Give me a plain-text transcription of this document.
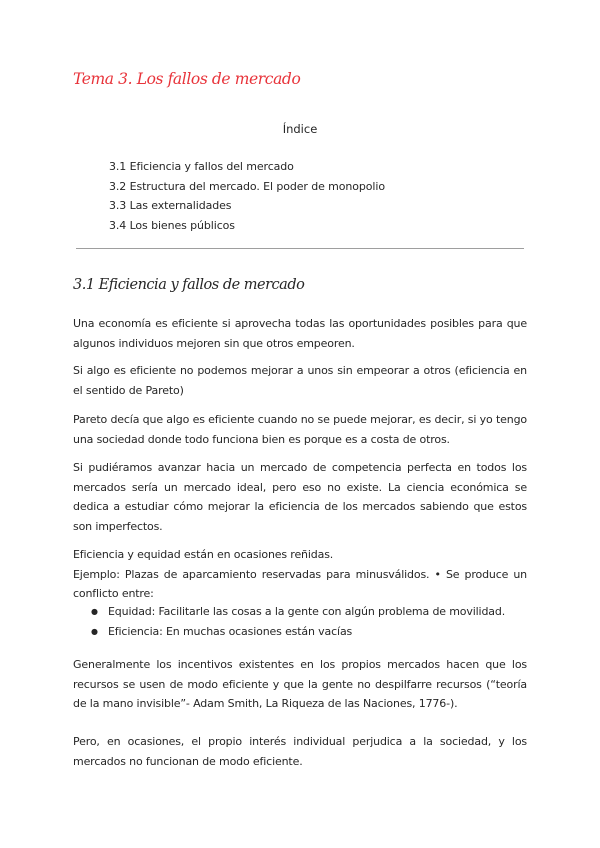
Tema 3. Los fallos de mercado
Índice
3.1 Eficiencia y fallos del mercado
3.2 Estructura del mercado. El poder de monopolio
3.3 Las externalidades
3.4 Los bienes públicos
3.1 Eficiencia y fallos de mercado
Una economía es eficiente si aprovecha todas las oportunidades posibles para que algunos individuos mejoren sin que otros empeoren.
Si algo es eficiente no podemos mejorar a unos sin empeorar a otros (eficiencia en el sentido de Pareto)
Pareto decía que algo es eficiente cuando no se puede mejorar, es decir, si yo tengo una sociedad donde todo funciona bien es porque es a costa de otros.
Si pudiéramos avanzar hacia un mercado de competencia perfecta en todos los mercados sería un mercado ideal, pero eso no existe. La ciencia económica se dedica a estudiar cómo mejorar la eficiencia de los mercados sabiendo que estos son imperfectos.
Eficiencia y equidad están en ocasiones reñidas.
Ejemplo: Plazas de aparcamiento reservadas para minusválidos. • Se produce un conflicto entre:
● Equidad: Facilitarle las cosas a la gente con algún problema de movilidad.
● Eficiencia: En muchas ocasiones están vacías
Generalmente los incentivos existentes en los propios mercados hacen que los recursos se usen de modo eficiente y que la gente no despilfarre recursos (“teoría de la mano invisible”- Adam Smith, La Riqueza de las Naciones, 1776-).
Pero, en ocasiones, el propio interés individual perjudica a la sociedad, y los mercados no funcionan de modo eficiente.
